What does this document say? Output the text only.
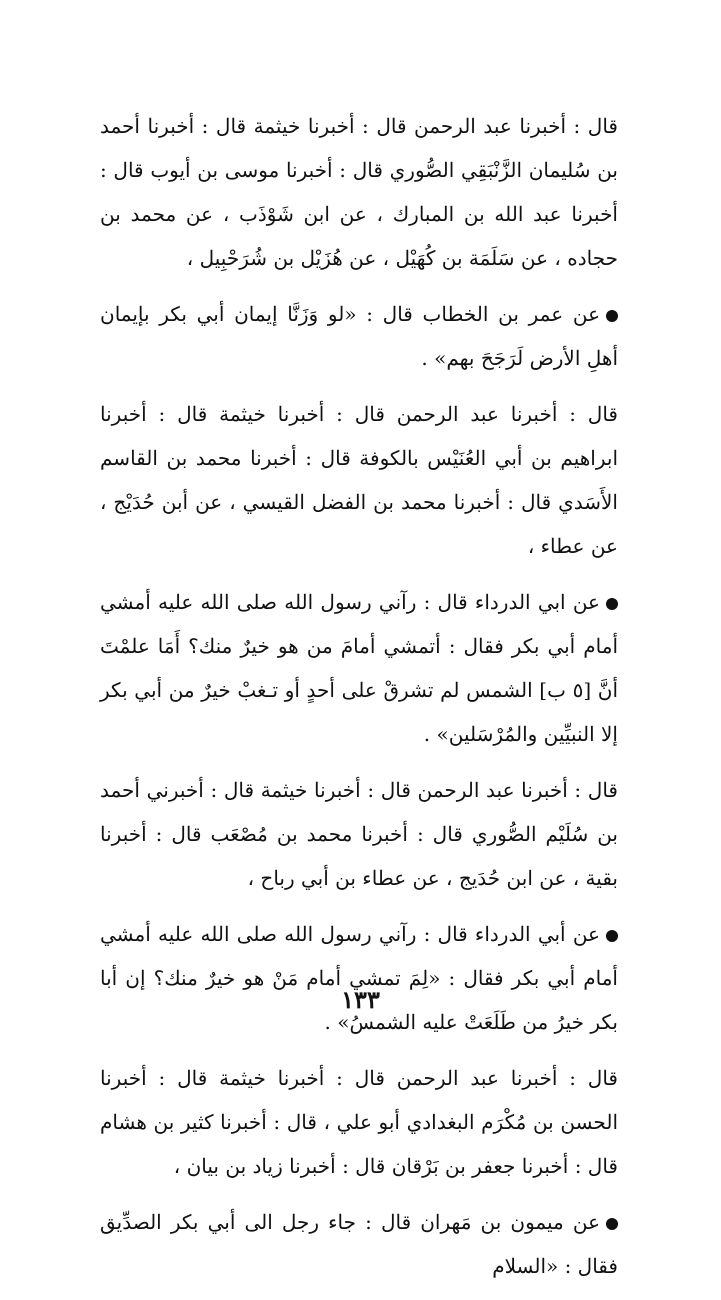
قال : أخبرنا عبد الرحمن قال : أخبرنا خيثمة قال : أخبرنا أحمد بن سُليمان الزَّنْبَقِي الصُّوري قال : أخبرنا موسى بن أيوب قال : أخبرنا عبد الله بن المبارك ، عن ابن شَوْذَب ، عن محمد بن حجاده ، عن سَلَمَة بن كُهَيْل ، عن هُزَيْل بن شُرَحْبِيل ،

عن عمر بن الخطاب قال : «لو وَزَنَّا إيمان أبي بكر بإيمان أهلِ الأرض لَرَجَحَ بهم» .

قال : أخبرنا عبد الرحمن قال : أخبرنا خيثمة قال : أخبرنا ابراهيم بن أبي العُنَيْس بالكوفة قال : أخبرنا محمد بن القاسم الأَسَدي قال : أخبرنا محمد بن الفضل القيسي ، عن أبن حُدَيْج ، عن عطاء ،

عن ابي الدرداء قال : رآني رسول الله صلى الله عليه أمشي أمام أبي بكر فقال : أتمشي أمامَ من هو خيرٌ منك؟ أَمَا علمْتَ أنَّ [٥ ب] الشمس لم تشرقْ على أحدٍ أو تـغبْ خيرٌ من أبي بكر إلا النبيِّين والمُرْسَلين» .

قال : أخبرنا عبد الرحمن قال : أخبرنا خيثمة قال : أخبرني أحمد بن سُلَيْم الصُّوري قال : أخبرنا محمد بن مُصْعَب قال : أخبرنا بقية ، عن ابن حُدَيج ، عن عطاء بن أبي رباح ،

عن أبي الدرداء قال : رآني رسول الله صلى الله عليه أمشي أمام أبي بكر فقال : «لِمَ تمشي أمام مَنْ هو خيرٌ منك؟ إن أبا بكر خيرُ من طَلَعَتْ عليه الشمسُ» .

قال : أخبرنا عبد الرحمن قال : أخبرنا خيثمة قال : أخبرنا الحسن بن مُكْرَم البغدادي أبو علي ، قال : أخبرنا كثير بن هشام قال : أخبرنا جعفر بن بَرْقان قال : أخبرنا زياد بن بيان ،

عن ميمون بن مَهران قال : جاء رجل الى أبي بكر الصدِّيق فقال : «السلام

١٣٣
